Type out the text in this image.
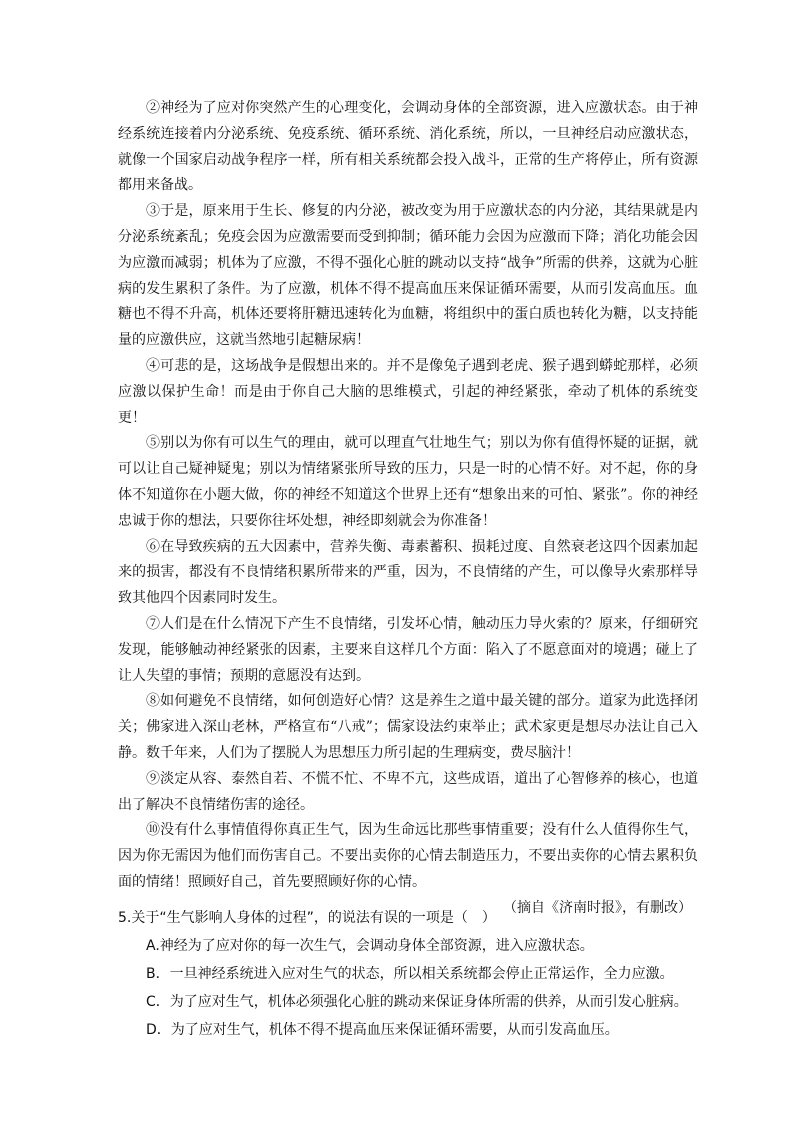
②神经为了应对你突然产生的心理变化，会调动身体的全部资源，进入应激状态。由于神经系统连接着内分泌系统、免疫系统、循环系统、消化系统，所以，一旦神经启动应激状态，就像一个国家启动战争程序一样，所有相关系统都会投入战斗，正常的生产将停止，所有资源都用来备战。

③于是，原来用于生长、修复的内分泌，被改变为用于应激状态的内分泌，其结果就是内分泌系统紊乱；免疫会因为应激需要而受到抑制；循环能力会因为应激而下降；消化功能会因为应激而减弱；机体为了应激，不得不强化心脏的跳动以支持“战争”所需的供养，这就为心脏病的发生累积了条件。为了应激，机体不得不提高血压来保证循环需要，从而引发高血压。血糖也不得不升高，机体还要将肝糖迅速转化为血糖，将组织中的蛋白质也转化为糖，以支持能量的应激供应，这就当然地引起糖尿病！

④可悲的是，这场战争是假想出来的。并不是像兔子遇到老虎、猴子遇到蟒蛇那样，必须应激以保护生命！而是由于你自己大脑的思维模式，引起的神经紧张，牵动了机体的系统变更！

⑤别以为你有可以生气的理由，就可以理直气壮地生气；别以为你有值得怀疑的证据，就可以让自己疑神疑鬼；别以为情绪紧张所导致的压力，只是一时的心情不好。对不起，你的身体不知道你在小题大做，你的神经不知道这个世界上还有“想象出来的可怕、紧张”。你的神经忠诚于你的想法，只要你往坏处想，神经即刻就会为你准备！

⑥在导致疾病的五大因素中，营养失衡、毒素蓄积、损耗过度、自然衰老这四个因素加起来的损害，都没有不良情绪积累所带来的严重，因为，不良情绪的产生，可以像导火索那样导致其他四个因素同时发生。

⑦人们是在什么情况下产生不良情绪，引发坏心情，触动压力导火索的？原来，仔细研究发现，能够触动神经紧张的因素，主要来自这样几个方面：陷入了不愿意面对的境遇；碰上了让人失望的事情；预期的意愿没有达到。

⑧如何避免不良情绪，如何创造好心情？这是养生之道中最关键的部分。道家为此选择闭关；佛家进入深山老林，严格宣布“八戒”；儒家设法约束举止；武术家更是想尽办法让自己入静。数千年来，人们为了摆脱人为思想压力所引起的生理病变，费尽脑汁！

⑨淡定从容、泰然自若、不慌不忙、不卑不亢，这些成语，道出了心智修养的核心，也道出了解决不良情绪伤害的途径。

⑩没有什么事情值得你真正生气，因为生命远比那些事情重要；没有什么人值得你生气，因为你无需因为他们而伤害自己。不要出卖你的心情去制造压力，不要出卖你的心情去累积负面的情绪！照顾好自己，首先要照顾好你的心情。

（摘自《济南时报》，有删改）

5.关于“生气影响人身体的过程”，的说法有误的一项是（　）

A.神经为了应对你的每一次生气，会调动身体全部资源，进入应激状态。

B．一旦神经系统进入应对生气的状态，所以相关系统都会停止正常运作，全力应激。

C．为了应对生气，机体必须强化心脏的跳动来保证身体所需的供养，从而引发心脏病。

D．为了应对生气，机体不得不提高血压来保证循环需要，从而引发高血压。
